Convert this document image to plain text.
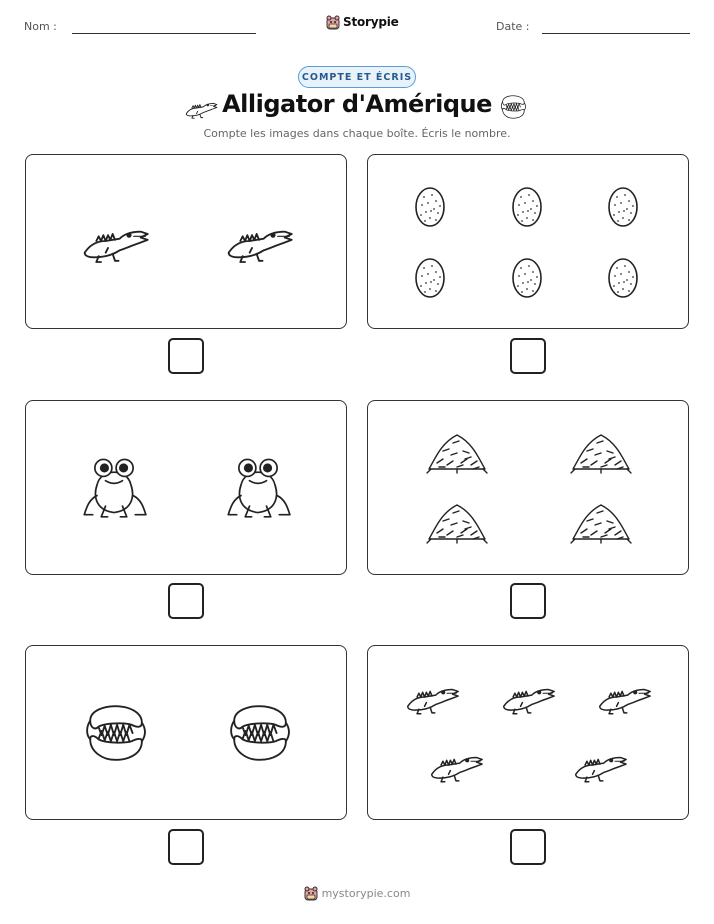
Nom :	Storypie	Date :
COMPTE ET ÉCRIS
Alligator d'Amérique
Compte les images dans chaque boîte. Écris le nombre.
mystorypie.com
